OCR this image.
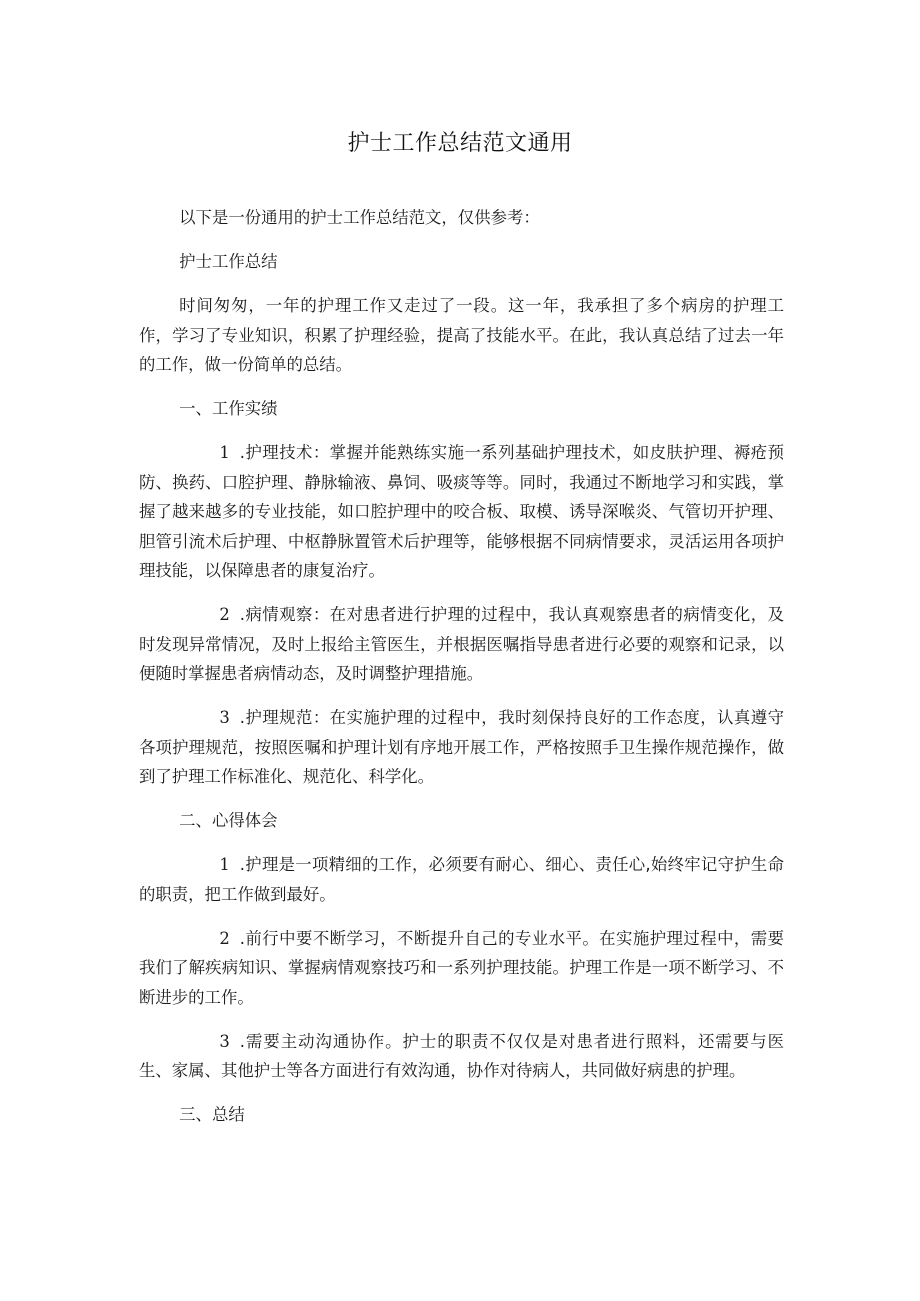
护士工作总结范文通用

以下是一份通用的护士工作总结范文，仅供参考：

护士工作总结

时间匆匆，一年的护理工作又走过了一段。这一年，我承担了多个病房的护理工作，学习了专业知识，积累了护理经验，提高了技能水平。在此，我认真总结了过去一年的工作，做一份简单的总结。

一、工作实绩

1 .护理技术：掌握并能熟练实施一系列基础护理技术，如皮肤护理、褥疮预防、换药、口腔护理、静脉输液、鼻饲、吸痰等等。同时，我通过不断地学习和实践，掌握了越来越多的专业技能，如口腔护理中的咬合板、取模、诱导深喉炎、气管切开护理、胆管引流术后护理、中枢静脉置管术后护理等，能够根据不同病情要求，灵活运用各项护理技能，以保障患者的康复治疗。

2 .病情观察：在对患者进行护理的过程中，我认真观察患者的病情变化，及时发现异常情况，及时上报给主管医生，并根据医嘱指导患者进行必要的观察和记录，以便随时掌握患者病情动态，及时调整护理措施。

3 .护理规范：在实施护理的过程中，我时刻保持良好的工作态度，认真遵守各项护理规范，按照医嘱和护理计划有序地开展工作，严格按照手卫生操作规范操作，做到了护理工作标准化、规范化、科学化。

二、心得体会

1 .护理是一项精细的工作，必须要有耐心、细心、责任心,始终牢记守护生命的职责，把工作做到最好。

2 .前行中要不断学习，不断提升自己的专业水平。在实施护理过程中，需要我们了解疾病知识、掌握病情观察技巧和一系列护理技能。护理工作是一项不断学习、不断进步的工作。

3 .需要主动沟通协作。护士的职责不仅仅是对患者进行照料，还需要与医生、家属、其他护士等各方面进行有效沟通，协作对待病人，共同做好病患的护理。

三、总结
